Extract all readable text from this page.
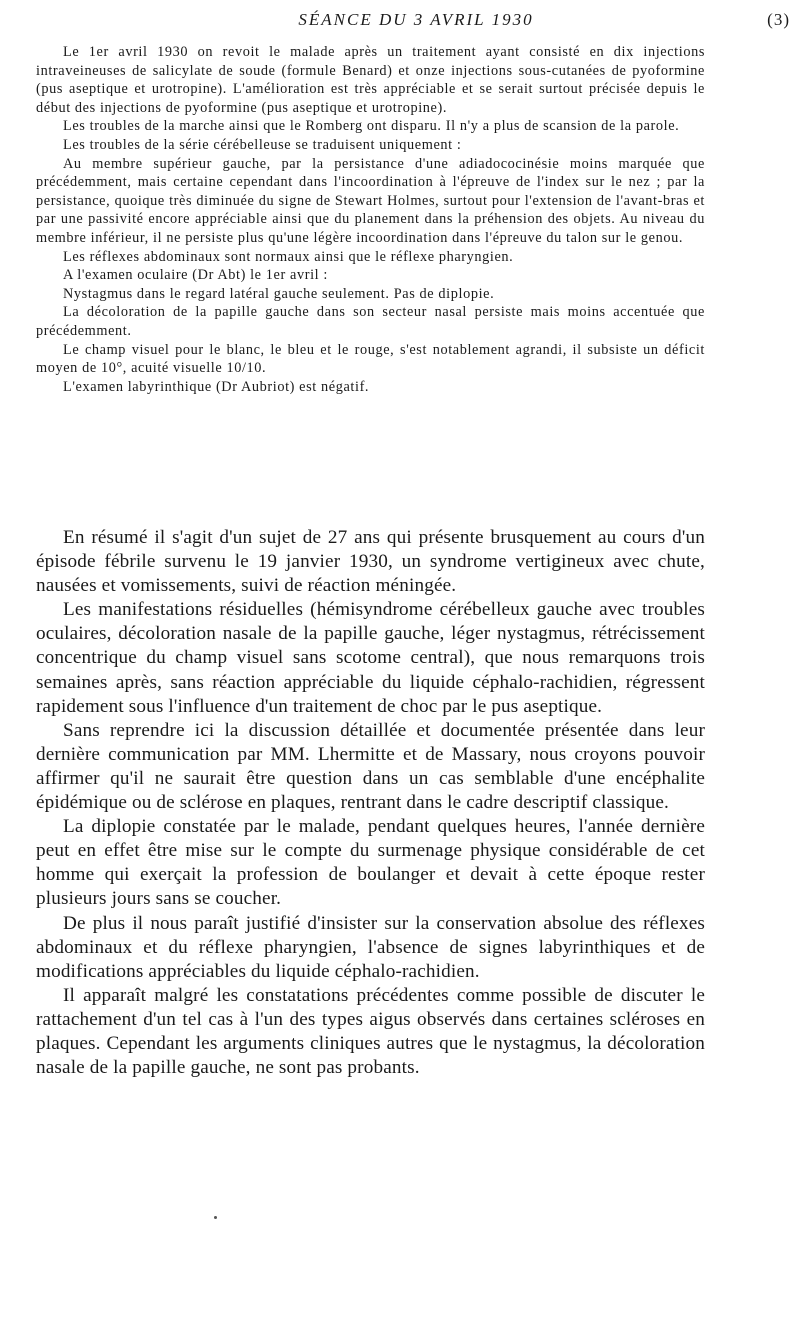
SÉANCE DU 3 AVRIL 1930	(3)

Le 1er avril 1930 on revoit le malade après un traitement ayant consisté en dix injections intraveineuses de salicylate de soude (formule Benard) et onze injections sous-cutanées de pyoformine (pus aseptique et urotropine). L'amélioration est très appréciable et se serait surtout précisée depuis le début des injections de pyoformine (pus aseptique et urotropine).

Les troubles de la marche ainsi que le Romberg ont disparu. Il n'y a plus de scansion de la parole.

Les troubles de la série cérébelleuse se traduisent uniquement :

Au membre supérieur gauche, par la persistance d'une adiadococinésie moins marquée que précédemment, mais certaine cependant dans l'incoordination à l'épreuve de l'index sur le nez ; par la persistance, quoique très diminuée du signe de Stewart Holmes, surtout pour l'extension de l'avant-bras et par une passivité encore appréciable ainsi que du planement dans la préhension des objets. Au niveau du membre inférieur, il ne persiste plus qu'une légère incoordination dans l'épreuve du talon sur le genou.

Les réflexes abdominaux sont normaux ainsi que le réflexe pharyngien.

A l'examen oculaire (Dr Abt) le 1er avril :

Nystagmus dans le regard latéral gauche seulement. Pas de diplopie.

La décoloration de la papille gauche dans son secteur nasal persiste mais moins accentuée que précédemment.

Le champ visuel pour le blanc, le bleu et le rouge, s'est notablement agrandi, il subsiste un déficit moyen de 10°, acuité visuelle 10/10.

L'examen labyrinthique (Dr Aubriot) est négatif.

En résumé il s'agit d'un sujet de 27 ans qui présente brusquement au cours d'un épisode fébrile survenu le 19 janvier 1930, un syndrome vertigineux avec chute, nausées et vomissements, suivi de réaction méningée.

Les manifestations résiduelles (hémisyndrome cérébelleux gauche avec troubles oculaires, décoloration nasale de la papille gauche, léger nystagmus, rétrécissement concentrique du champ visuel sans scotome central), que nous remarquons trois semaines après, sans réaction appréciable du liquide céphalo-rachidien, régressent rapidement sous l'influence d'un traitement de choc par le pus aseptique.

Sans reprendre ici la discussion détaillée et documentée présentée dans leur dernière communication par MM. Lhermitte et de Massary, nous croyons pouvoir affirmer qu'il ne saurait être question dans un cas semblable d'une encéphalite épidémique ou de sclérose en plaques, rentrant dans le cadre descriptif classique.

La diplopie constatée par le malade, pendant quelques heures, l'année dernière peut en effet être mise sur le compte du surmenage physique considérable de cet homme qui exerçait la profession de boulanger et devait à cette époque rester plusieurs jours sans se coucher.

De plus il nous paraît justifié d'insister sur la conservation absolue des réflexes abdominaux et du réflexe pharyngien, l'absence de signes labyrinthiques et de modifications appréciables du liquide céphalo-rachidien.

Il apparaît malgré les constatations précédentes comme possible de discuter le rattachement d'un tel cas à l'un des types aigus observés dans certaines scléroses en plaques. Cependant les arguments cliniques autres que le nystagmus, la décoloration nasale de la papille gauche, ne sont pas probants.
